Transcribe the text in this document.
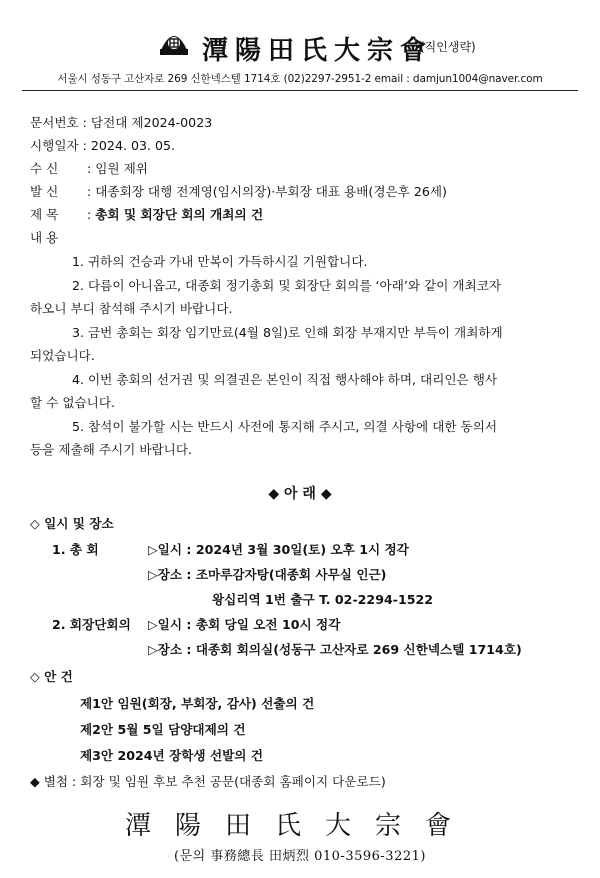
潭陽田氏大宗會
(직인생략)
서울시 성동구 고산자로 269 신한넥스텔 1714호 (02)2297-2951-2 email : damjun1004@naver.com
문서번호 : 담전대 제2024-0023
시행일자 : 2024. 03. 05.
수 신 : 임원 제위
발 신 : 대종회장 대행 전계영(임시의장)·부회장 대표 용배(경은후 26세)
제 목 : 총회 및 회장단 회의 개최의 건
내 용
1. 귀하의 건승과 가내 만복이 가득하시길 기원합니다.
2. 다름이 아니옵고, 대종회 정기총회 및 회장단 회의를 ‘아래’와 같이 개최코자
하오니 부디 참석해 주시기 바랍니다.
3. 금번 총회는 회장 임기만료(4월 8일)로 인해 회장 부재지만 부득이 개최하게
되었습니다.
4. 이번 총회의 선거권 및 의결권은 본인이 직접 행사해야 하며, 대리인은 행사
할 수 없습니다.
5. 참석이 불가할 시는 반드시 사전에 통지해 주시고, 의결 사항에 대한 동의서
등을 제출해 주시기 바랍니다.
◆ 아 래 ◆
◇ 일시 및 장소
1. 총 회	▷일시 : 2024년 3월 30일(토) 오후 1시 정각
▷장소 : 조마루감자탕(대종회 사무실 인근)
왕십리역 1번 출구 T. 02-2294-1522
2. 회장단회의 ▷일시 : 총회 당일 오전 10시 정각
▷장소 : 대종회 회의실(성동구 고산자로 269 신한넥스텔 1714호)
◇ 안 건
제1안 임원(회장, 부회장, 감사) 선출의 건
제2안 5월 5일 담양대제의 건
제3안 2024년 장학생 선발의 건
◆ 별첨 : 회장 및 임원 후보 추천 공문(대종회 홈페이지 다운로드)
潭陽田氏大宗會
(문의 事務總長 田炳烈 010-3596-3221)
